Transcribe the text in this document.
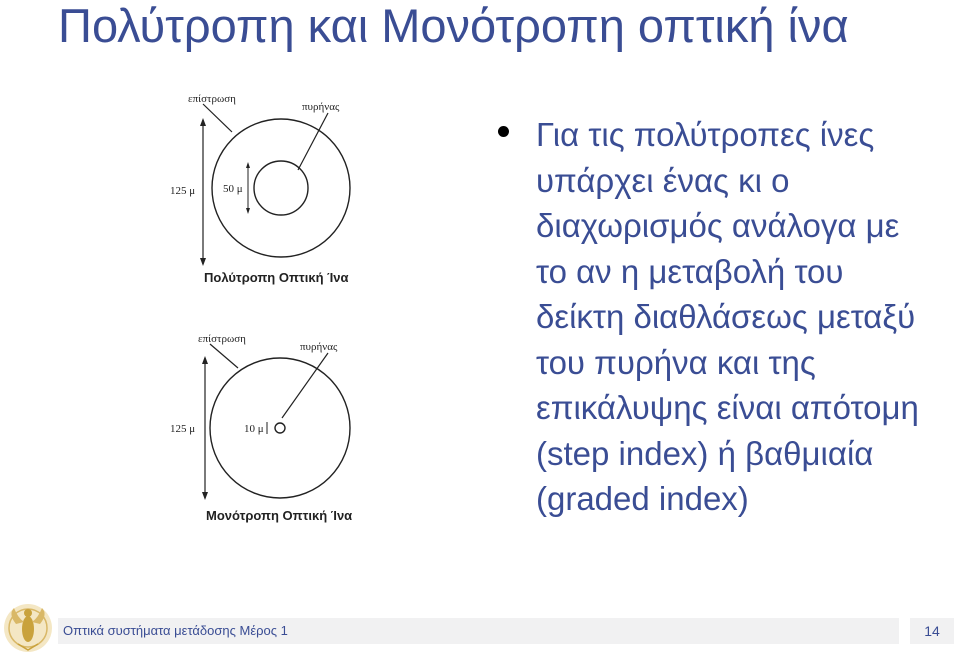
Πολύτροπη και Μονότροπη οπτική ίνα
επίστρωση
πυρήνας
125 μ	50 μ
Πολύτροπη Οπτική Ίνα
επίστρωση
πυρήνας
125 μ	10 μ
Μονότροπη Οπτική Ίνα
Για τις πολύτροπες ίνες υπάρχει ένας κι ο διαχωρισμός ανάλογα με το αν η μεταβολή του δείκτη διαθλάσεως μεταξύ του πυρήνα και της επικάλυψης είναι απότομη (step index) ή βαθμιαία (graded index)
Οπτικά συστήματα μετάδοσης Μέρος 1	14
